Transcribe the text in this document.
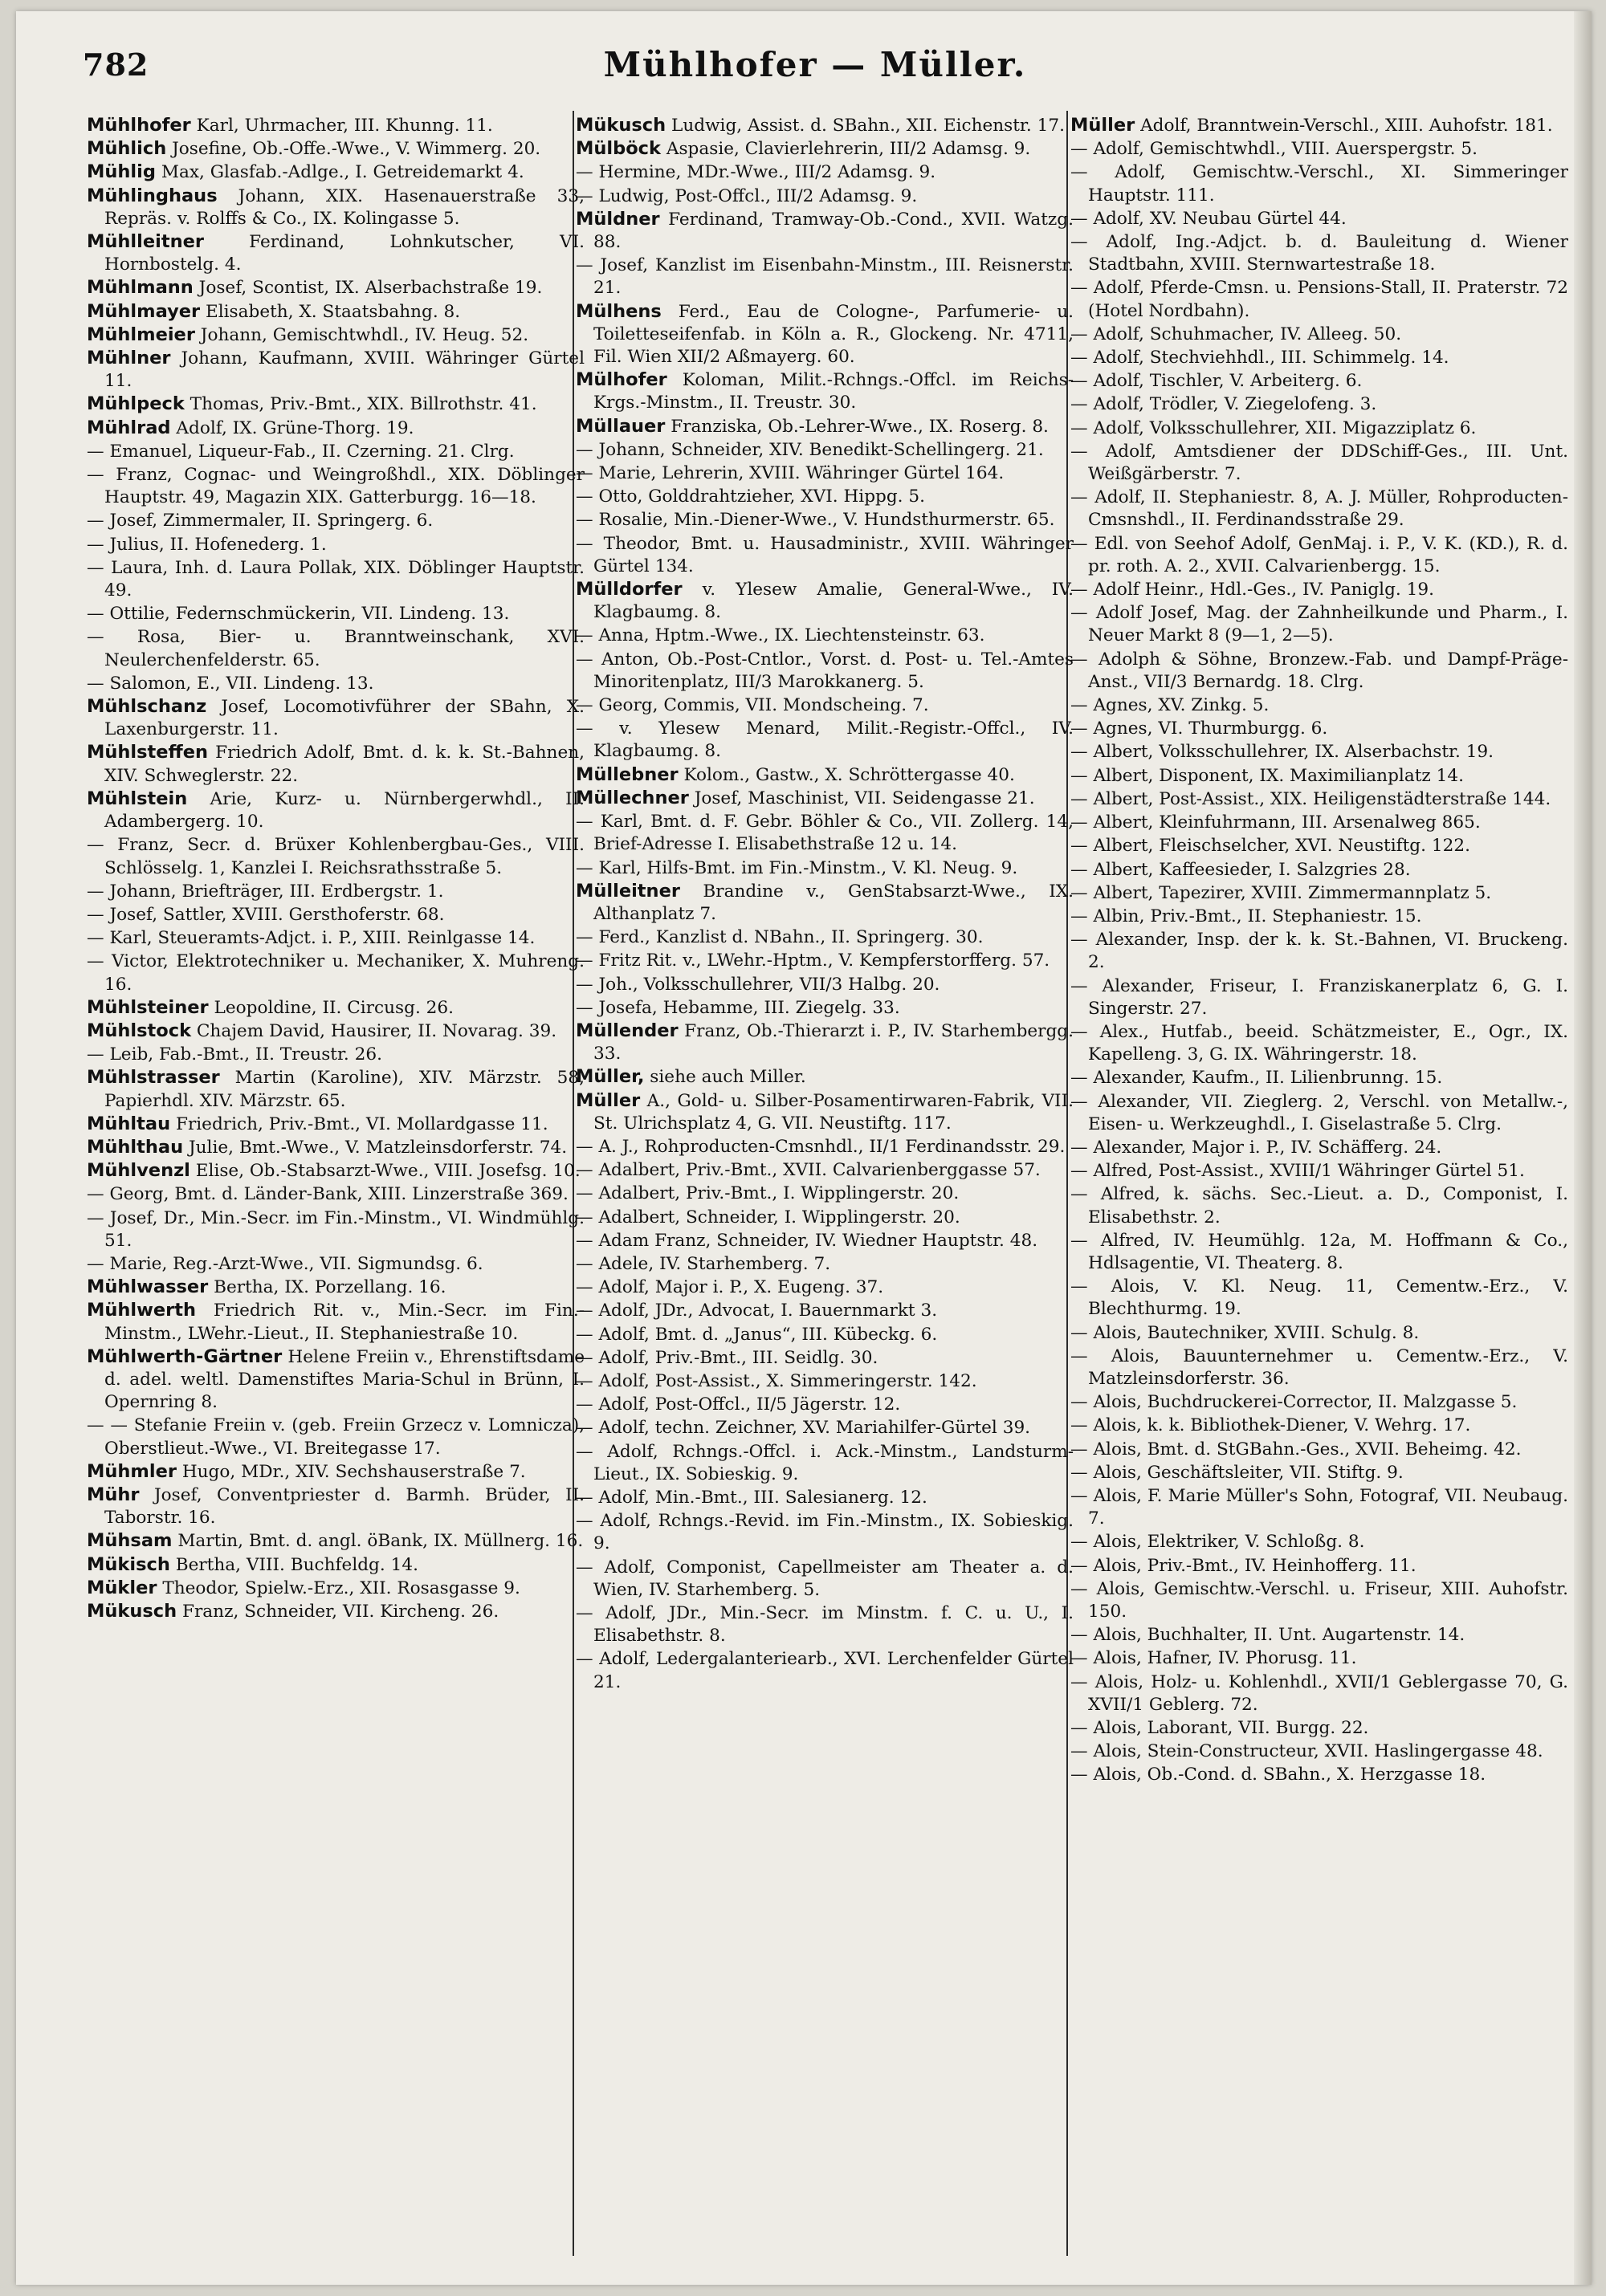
782	Mühlhofer — Müller.

Mühlhofer Karl, Uhrmacher, III. Khunng. 11.

Mühlich Josefine, Ob.-Offe.-Wwe., V. Wimmerg. 20.

Mühlig Max, Glasfab.-Adlge., I. Getreidemarkt 4.

Mühlinghaus Johann, XIX. Hasenauerstraße 33, Repräs. v. Rolffs & Co., IX. Kolingasse 5.

Mühlleitner Ferdinand, Lohnkutscher, VI. Hornbostelg. 4.

Mühlmann Josef, Scontist, IX. Alserbachstraße 19.

Mühlmayer Elisabeth, X. Staatsbahng. 8.

Mühlmeier Johann, Gemischtwhdl., IV. Heug. 52.

Mühlner Johann, Kaufmann, XVIII. Währinger Gürtel 11.

Mühlpeck Thomas, Priv.-Bmt., XIX. Billrothstr. 41.

Mühlrad Adolf, IX. Grüne-Thorg. 19.

— Emanuel, Liqueur-Fab., II. Czerning. 21. Clrg.

— Franz, Cognac- und Weingroßhdl., XIX. Döblinger Hauptstr. 49, Magazin XIX. Gatterburgg. 16—18.

— Josef, Zimmermaler, II. Springerg. 6.

— Julius, II. Hofenederg. 1.

— Laura, Inh. d. Laura Pollak, XIX. Döblinger Hauptstr. 49.

— Ottilie, Federnschmückerin, VII. Lindeng. 13.

— Rosa, Bier- u. Branntweinschank, XVI. Neulerchenfelderstr. 65.

— Salomon, E., VII. Lindeng. 13.

Mühlschanz Josef, Locomotivführer der SBahn, X. Laxenburgerstr. 11.

Mühlsteffen Friedrich Adolf, Bmt. d. k. k. St.-Bahnen, XIV. Schweglerstr. 22.

Mühlstein Arie, Kurz- u. Nürnbergerwhdl., II. Adambergerg. 10.

— Franz, Secr. d. Brüxer Kohlenbergbau-Ges., VIII. Schlösselg. 1, Kanzlei I. Reichsrathsstraße 5.

— Johann, Briefträger, III. Erdbergstr. 1.

— Josef, Sattler, XVIII. Gersthoferstr. 68.

— Karl, Steueramts-Adjct. i. P., XIII. Reinlgasse 14.

— Victor, Elektrotechniker u. Mechaniker, X. Muhreng. 16.

Mühlsteiner Leopoldine, II. Circusg. 26.

Mühlstock Chajem David, Hausirer, II. Novarag. 39.

— Leib, Fab.-Bmt., II. Treustr. 26.

Mühlstrasser Martin (Karoline), XIV. Märzstr. 58, Papierhdl. XIV. Märzstr. 65.

Mühltau Friedrich, Priv.-Bmt., VI. Mollardgasse 11.

Mühlthau Julie, Bmt.-Wwe., V. Matzleinsdorferstr. 74.

Mühlvenzl Elise, Ob.-Stabsarzt-Wwe., VIII. Josefsg. 10.

— Georg, Bmt. d. Länder-Bank, XIII. Linzerstraße 369.

— Josef, Dr., Min.-Secr. im Fin.-Minstm., VI. Windmühlg. 51.

— Marie, Reg.-Arzt-Wwe., VII. Sigmundsg. 6.

Mühlwasser Bertha, IX. Porzellang. 16.

Mühlwerth Friedrich Rit. v., Min.-Secr. im Fin.-Minstm., LWehr.-Lieut., II. Stephaniestraße 10.

Mühlwerth-Gärtner Helene Freiin v., Ehrenstiftsdame d. adel. weltl. Damenstiftes Maria-Schul in Brünn, I. Opernring 8.

— — Stefanie Freiin v. (geb. Freiin Grzecz v. Lomnicza), Oberstlieut.-Wwe., VI. Breitegasse 17.

Mühmler Hugo, MDr., XIV. Sechshauserstraße 7.

Mühr Josef, Conventpriester d. Barmh. Brüder, II. Taborstr. 16.

Mühsam Martin, Bmt. d. angl. öBank, IX. Müllnerg. 16.

Mükisch Bertha, VIII. Buchfeldg. 14.

Mükler Theodor, Spielw.-Erz., XII. Rosasgasse 9.

Mükusch Franz, Schneider, VII. Kircheng. 26.

Mükusch Ludwig, Assist. d. SBahn., XII. Eichenstr. 17.

Mülböck Aspasie, Clavierlehrerin, III/2 Adamsg. 9.

— Hermine, MDr.-Wwe., III/2 Adamsg. 9.

— Ludwig, Post-Offcl., III/2 Adamsg. 9.

Müldner Ferdinand, Tramway-Ob.-Cond., XVII. Watzg. 88.

— Josef, Kanzlist im Eisenbahn-Minstm., III. Reisnerstr. 21.

Mülhens Ferd., Eau de Cologne-, Parfumerie- u. Toiletteseifenfab. in Köln a. R., Glockeng. Nr. 4711, Fil. Wien XII/2 Aßmayerg. 60.

Mülhofer Koloman, Milit.-Rchngs.-Offcl. im Reichs-Krgs.-Minstm., II. Treustr. 30.

Müllauer Franziska, Ob.-Lehrer-Wwe., IX. Roserg. 8.

— Johann, Schneider, XIV. Benedikt-Schellingerg. 21.

— Marie, Lehrerin, XVIII. Währinger Gürtel 164.

— Otto, Golddrahtzieher, XVI. Hippg. 5.

— Rosalie, Min.-Diener-Wwe., V. Hundsthurmerstr. 65.

— Theodor, Bmt. u. Hausadministr., XVIII. Währinger Gürtel 134.

Mülldorfer v. Ylesew Amalie, General-Wwe., IV. Klagbaumg. 8.

— Anna, Hptm.-Wwe., IX. Liechtensteinstr. 63.

— Anton, Ob.-Post-Cntlor., Vorst. d. Post- u. Tel.-Amtes Minoritenplatz, III/3 Marokkanerg. 5.

— Georg, Commis, VII. Mondscheing. 7.

— v. Ylesew Menard, Milit.-Registr.-Offcl., IV. Klagbaumg. 8.

Müllebner Kolom., Gastw., X. Schröttergasse 40.

Müllechner Josef, Maschinist, VII. Seidengasse 21.

— Karl, Bmt. d. F. Gebr. Böhler & Co., VII. Zollerg. 14, Brief-Adresse I. Elisabethstraße 12 u. 14.

— Karl, Hilfs-Bmt. im Fin.-Minstm., V. Kl. Neug. 9.

Mülleitner Brandine v., GenStabsarzt-Wwe., IX. Althanplatz 7.

— Ferd., Kanzlist d. NBahn., II. Springerg. 30.

— Fritz Rit. v., LWehr.-Hptm., V. Kempferstorfferg. 57.

— Joh., Volksschullehrer, VII/3 Halbg. 20.

— Josefa, Hebamme, III. Ziegelg. 33.

Müllender Franz, Ob.-Thierarzt i. P., IV. Starhembergg. 33.

Müller, siehe auch Miller.

Müller A., Gold- u. Silber-Posamentirwaren-Fabrik, VII. St. Ulrichsplatz 4, G. VII. Neustiftg. 117.

— A. J., Rohproducten-Cmsnhdl., II/1 Ferdinandsstr. 29.

— Adalbert, Priv.-Bmt., XVII. Calvarienberggasse 57.

— Adalbert, Priv.-Bmt., I. Wipplingerstr. 20.

— Adalbert, Schneider, I. Wipplingerstr. 20.

— Adam Franz, Schneider, IV. Wiedner Hauptstr. 48.

— Adele, IV. Starhemberg. 7.

— Adolf, Major i. P., X. Eugeng. 37.

— Adolf, JDr., Advocat, I. Bauernmarkt 3.

— Adolf, Bmt. d. „Janus“, III. Kübeckg. 6.

— Adolf, Priv.-Bmt., III. Seidlg. 30.

— Adolf, Post-Assist., X. Simmeringerstr. 142.

— Adolf, Post-Offcl., II/5 Jägerstr. 12.

— Adolf, techn. Zeichner, XV. Mariahilfer-Gürtel 39.

— Adolf, Rchngs.-Offcl. i. Ack.-Minstm., Landsturm-Lieut., IX. Sobieskig. 9.

— Adolf, Min.-Bmt., III. Salesianerg. 12.

— Adolf, Rchngs.-Revid. im Fin.-Minstm., IX. Sobieskig. 9.

— Adolf, Componist, Capellmeister am Theater a. d. Wien, IV. Starhemberg. 5.

— Adolf, JDr., Min.-Secr. im Minstm. f. C. u. U., I. Elisabethstr. 8.

— Adolf, Ledergalanteriearb., XVI. Lerchenfelder Gürtel 21.

Müller Adolf, Branntwein-Verschl., XIII. Auhofstr. 181.

— Adolf, Gemischtwhdl., VIII. Auerspergstr. 5.

— Adolf, Gemischtw.-Verschl., XI. Simmeringer Hauptstr. 111.

— Adolf, XV. Neubau Gürtel 44.

— Adolf, Ing.-Adjct. b. d. Bauleitung d. Wiener Stadtbahn, XVIII. Sternwartestraße 18.

— Adolf, Pferde-Cmsn. u. Pensions-Stall, II. Praterstr. 72 (Hotel Nordbahn).

— Adolf, Schuhmacher, IV. Alleeg. 50.

— Adolf, Stechviehhdl., III. Schimmelg. 14.

— Adolf, Tischler, V. Arbeiterg. 6.

— Adolf, Trödler, V. Ziegelofeng. 3.

— Adolf, Volksschullehrer, XII. Migazziplatz 6.

— Adolf, Amtsdiener der DDSchiff-Ges., III. Unt. Weißgärberstr. 7.

— Adolf, II. Stephaniestr. 8, A. J. Müller, Rohproducten-Cmsnshdl., II. Ferdinandsstraße 29.

— Edl. von Seehof Adolf, GenMaj. i. P., V. K. (KD.), R. d. pr. roth. A. 2., XVII. Calvarienbergg. 15.

— Adolf Heinr., Hdl.-Ges., IV. Paniglg. 19.

— Adolf Josef, Mag. der Zahnheilkunde und Pharm., I. Neuer Markt 8 (9—1, 2—5).

— Adolph & Söhne, Bronzew.-Fab. und Dampf-Präge-Anst., VII/3 Bernardg. 18. Clrg.

— Agnes, XV. Zinkg. 5.

— Agnes, VI. Thurmburgg. 6.

— Albert, Volksschullehrer, IX. Alserbachstr. 19.

— Albert, Disponent, IX. Maximilianplatz 14.

— Albert, Post-Assist., XIX. Heiligenstädterstraße 144.

— Albert, Kleinfuhrmann, III. Arsenalweg 865.

— Albert, Fleischselcher, XVI. Neustiftg. 122.

— Albert, Kaffeesieder, I. Salzgries 28.

— Albert, Tapezirer, XVIII. Zimmermannplatz 5.

— Albin, Priv.-Bmt., II. Stephaniestr. 15.

— Alexander, Insp. der k. k. St.-Bahnen, VI. Bruckeng. 2.

— Alexander, Friseur, I. Franziskanerplatz 6, G. I. Singerstr. 27.

— Alex., Hutfab., beeid. Schätzmeister, E., Ogr., IX. Kapelleng. 3, G. IX. Währingerstr. 18.

— Alexander, Kaufm., II. Lilienbrunng. 15.

— Alexander, VII. Zieglerg. 2, Verschl. von Metallw.-, Eisen- u. Werkzeughdl., I. Giselastraße 5. Clrg.

— Alexander, Major i. P., IV. Schäfferg. 24.

— Alfred, Post-Assist., XVIII/1 Währinger Gürtel 51.

— Alfred, k. sächs. Sec.-Lieut. a. D., Componist, I. Elisabethstr. 2.

— Alfred, IV. Heumühlg. 12a, M. Hoffmann & Co., Hdlsagentie, VI. Theaterg. 8.

— Alois, V. Kl. Neug. 11, Cementw.-Erz., V. Blechthurmg. 19.

— Alois, Bautechniker, XVIII. Schulg. 8.

— Alois, Bauunternehmer u. Cementw.-Erz., V. Matzleinsdorferstr. 36.

— Alois, Buchdruckerei-Corrector, II. Malzgasse 5.

— Alois, k. k. Bibliothek-Diener, V. Wehrg. 17.

— Alois, Bmt. d. StGBahn.-Ges., XVII. Beheimg. 42.

— Alois, Geschäftsleiter, VII. Stiftg. 9.

— Alois, F. Marie Müller's Sohn, Fotograf, VII. Neubaug. 7.

— Alois, Elektriker, V. Schloßg. 8.

— Alois, Priv.-Bmt., IV. Heinhofferg. 11.

— Alois, Gemischtw.-Verschl. u. Friseur, XIII. Auhofstr. 150.

— Alois, Buchhalter, II. Unt. Augartenstr. 14.

— Alois, Hafner, IV. Phorusg. 11.

— Alois, Holz- u. Kohlenhdl., XVII/1 Geblergasse 70, G. XVII/1 Geblerg. 72.

— Alois, Laborant, VII. Burgg. 22.

— Alois, Stein-Constructeur, XVII. Haslingergasse 48.

— Alois, Ob.-Cond. d. SBahn., X. Herzgasse 18.
